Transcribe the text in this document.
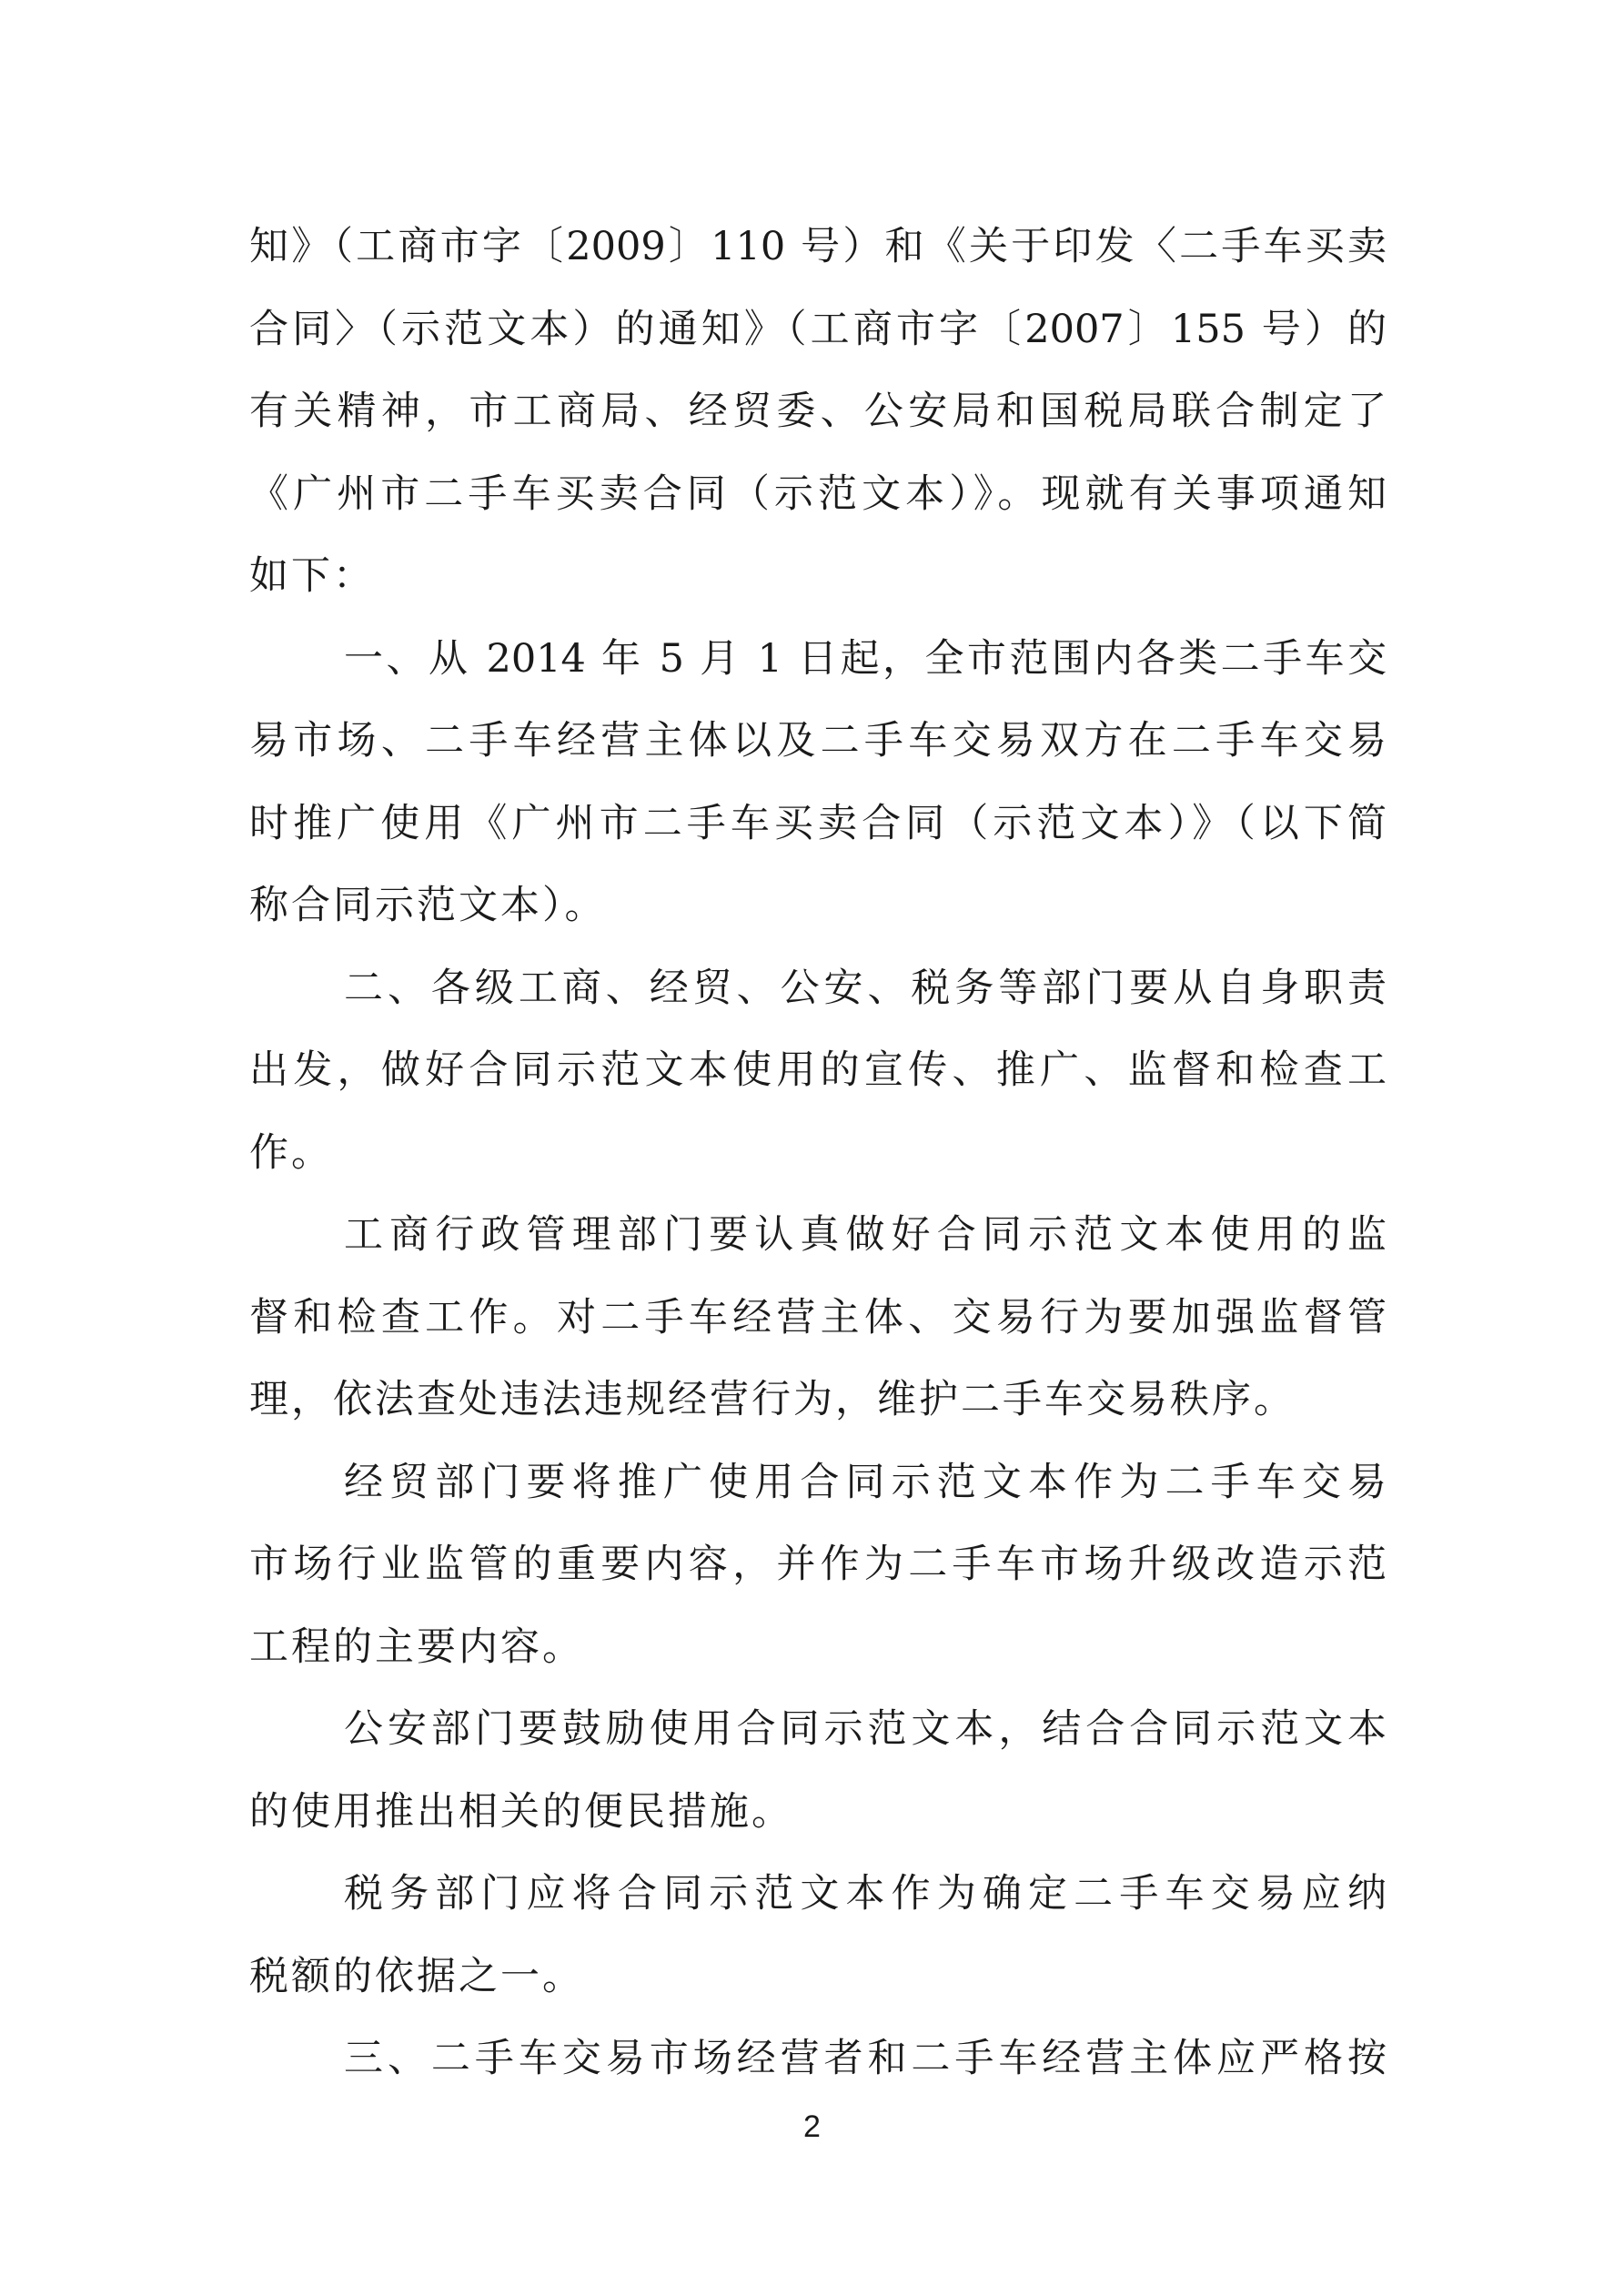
知》（工商市字〔2009〕110 号）和《关于印发〈二手车买卖
合同〉（示范文本）的通知》（工商市字〔2007〕155 号）的
有关精神，市工商局、经贸委、公安局和国税局联合制定了
《广州市二手车买卖合同（示范文本）》。现就有关事项通知
如下：
一、从 2014 年 5 月 1 日起，全市范围内各类二手车交
易市场、二手车经营主体以及二手车交易双方在二手车交易
时推广使用《广州市二手车买卖合同（示范文本）》（以下简
称合同示范文本）。
二、各级工商、经贸、公安、税务等部门要从自身职责
出发，做好合同示范文本使用的宣传、推广、监督和检查工
作。
工商行政管理部门要认真做好合同示范文本使用的监
督和检查工作。对二手车经营主体、交易行为要加强监督管
理，依法查处违法违规经营行为，维护二手车交易秩序。
经贸部门要将推广使用合同示范文本作为二手车交易
市场行业监管的重要内容，并作为二手车市场升级改造示范
工程的主要内容。
公安部门要鼓励使用合同示范文本，结合合同示范文本
的使用推出相关的便民措施。
税务部门应将合同示范文本作为确定二手车交易应纳
税额的依据之一。
三、二手车交易市场经营者和二手车经营主体应严格按
2
